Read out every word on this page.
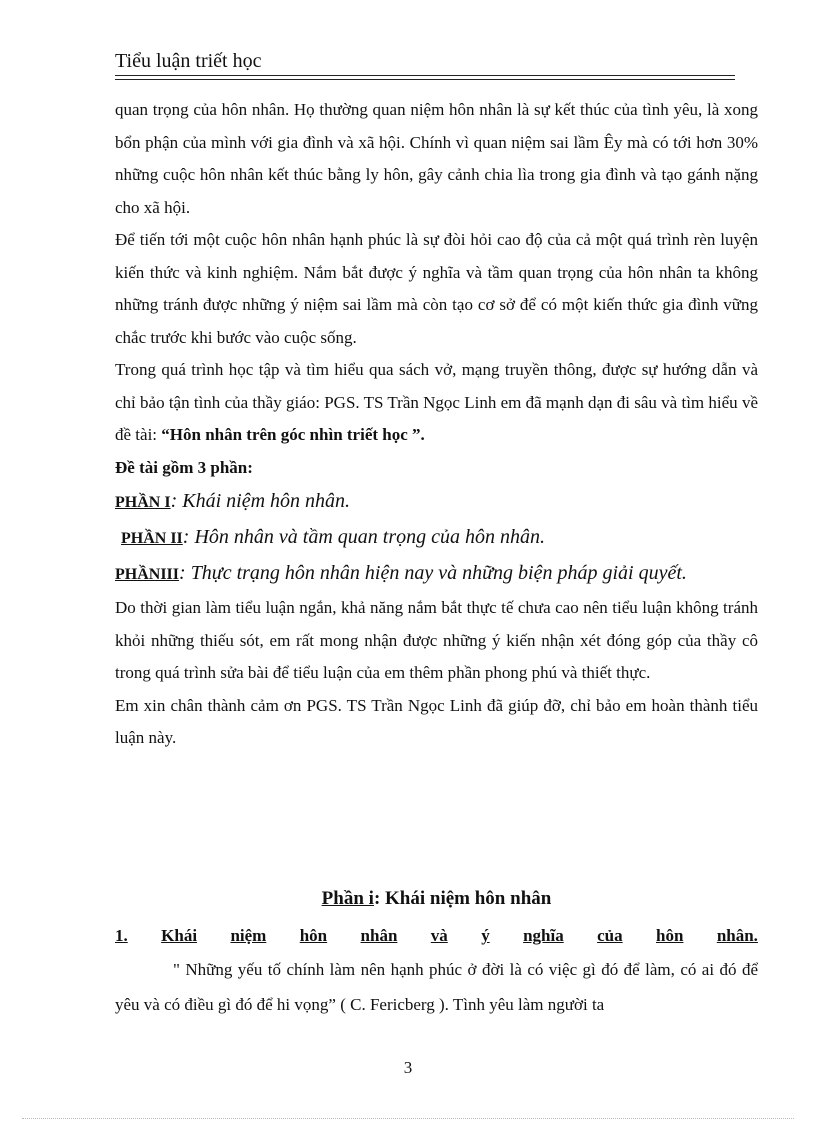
Tiểu luận triết học

quan trọng của hôn nhân. Họ thường quan niệm hôn nhân là sự kết thúc của tình yêu, là xong bổn phận của mình với gia đình và xã hội. Chính vì quan niệm sai lầm Êy mà có tới hơn 30% những cuộc hôn nhân kết thúc bằng ly hôn, gây cảnh chia lìa trong gia đình và tạo gánh nặng cho xã hội.

Để tiến tới một cuộc hôn nhân hạnh phúc là sự đòi hỏi cao độ của cả một quá trình rèn luyện kiến thức và kinh nghiệm. Nắm bắt được ý nghĩa và tầm quan trọng của hôn nhân ta không những tránh được những ý niệm sai lầm mà còn tạo cơ sở để có một kiến thức gia đình vững chắc trước khi bước vào cuộc sống.

Trong quá trình học tập và tìm hiểu qua sách vở, mạng truyền thông, được sự hướng dẫn và chỉ bảo tận tình của thầy giáo: PGS. TS Trần Ngọc Linh em đã mạnh dạn đi sâu và tìm hiểu về đề tài: “Hôn nhân trên góc nhìn triết học ”.

Đề tài gồm 3 phần:

PHẦN I: Khái niệm hôn nhân.
PHẦN II: Hôn nhân và tầm quan trọng của hôn nhân.
PHẦNIII: Thực trạng hôn nhân hiện nay và những biện pháp giải quyết.

Do thời gian làm tiểu luận ngắn, khả năng nắm bắt thực tế chưa cao nên tiểu luận không tránh khỏi những thiếu sót, em rất mong nhận được những ý kiến nhận xét đóng góp của thầy cô trong quá trình sửa bài để tiểu luận của em thêm phần phong phú và thiết thực.

Em xin chân thành cảm ơn PGS. TS Trần Ngọc Linh đã giúp đỡ, chỉ bảo em hoàn thành tiểu luận này.

Phần i: Khái niệm hôn nhân
1. Khái niệm hôn nhân và ý nghĩa của hôn nhân.

" Những yếu tố chính làm nên hạnh phúc ở đời là có việc gì đó để làm, có ai đó để yêu và có điều gì đó để hi vọng” ( C. Fericberg ). Tình yêu làm người ta

3
